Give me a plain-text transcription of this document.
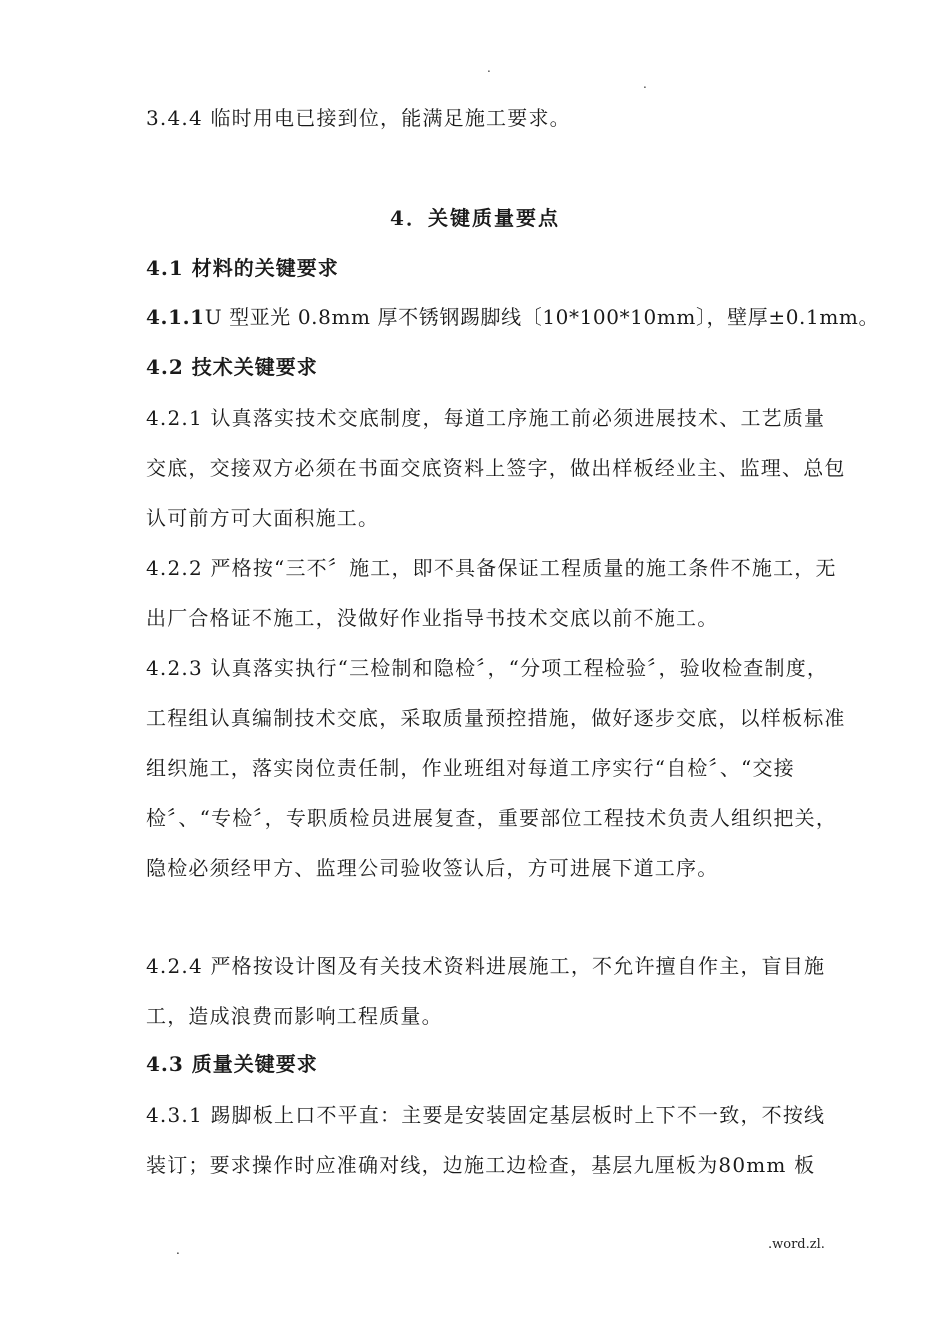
.
.
3.4.4 临时用电已接到位，能满足施工要求。
4．关键质量要点
4.1 材料的关键要求
4.1.1U 型亚光 0.8mm 厚不锈钢踢脚线〔10*100*10mm〕，壁厚±0.1mm。
4.2 技术关键要求

4.2.1 认真落实技术交底制度，每道工序施工前必须进展技术、工艺质量交底，交接双方必须在书面交底资料上签字，做出样板经业主、监理、总包认可前方可大面积施工。

4.2.2 严格按“三不〞施工，即不具备保证工程质量的施工条件不施工，无出厂合格证不施工，没做好作业指导书技术交底以前不施工。

4.2.3 认真落实执行“三检制和隐检〞，“分项工程检验〞，验收检查制度，工程组认真编制技术交底，采取质量预控措施，做好逐步交底，以样板标准组织施工，落实岗位责任制，作业班组对每道工序实行“自检〞、“交接检〞、“专检〞，专职质检员进展复查，重要部位工程技术负责人组织把关，隐检必须经甲方、监理公司验收签认后，方可进展下道工序。

4.2.4 严格按设计图及有关技术资料进展施工，不允许擅自作主，盲目施工，造成浪费而影响工程质量。

4.3 质量关键要求

4.3.1 踢脚板上口不平直：主要是安装固定基层板时上下不一致，不按线装订；要求操作时应准确对线，边施工边检查，基层九厘板为80mm 板

.	.word.zl.
